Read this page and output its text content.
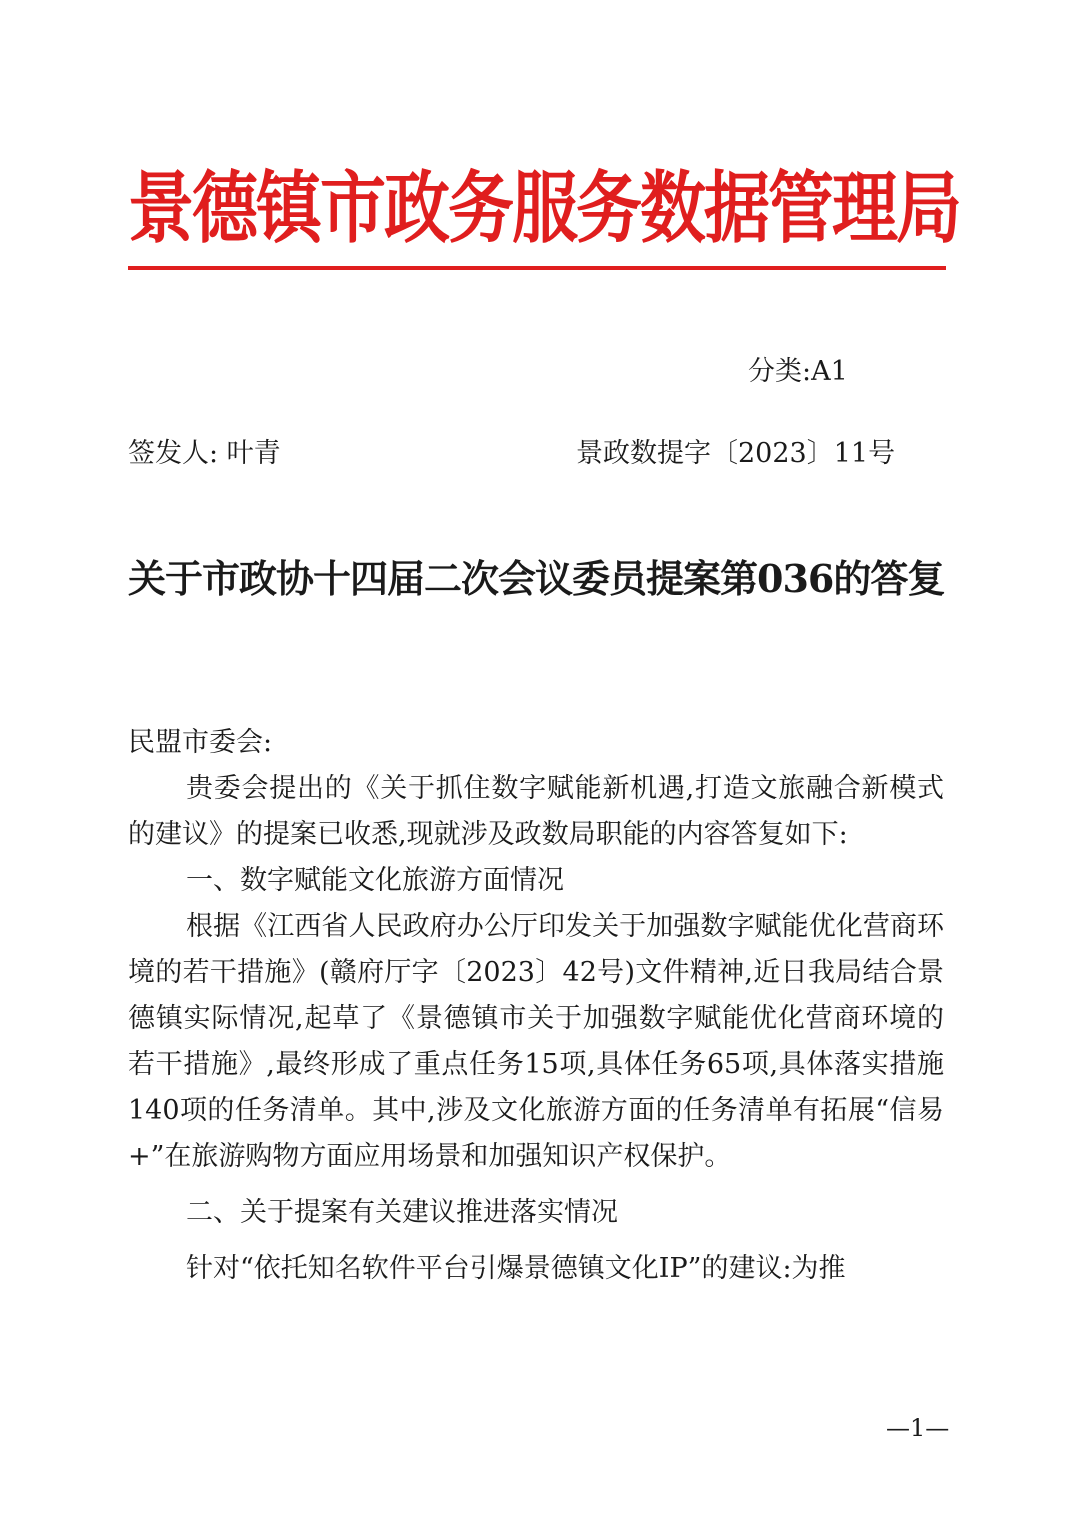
景德镇市政务服务数据管理局
分类:A1
签发人: 叶青	景政数提字〔2023〕11号
关于市政协十四届二次会议委员提案第036的答复

民盟市委会:

贵委会提出的《关于抓住数字赋能新机遇,打造文旅融合新模式的建议》的提案已收悉,现就涉及政数局职能的内容答复如下:

一、数字赋能文化旅游方面情况

根据《江西省人民政府办公厅印发关于加强数字赋能优化营商环境的若干措施》(赣府厅字〔2023〕42号)文件精神,近日我局结合景德镇实际情况,起草了《景德镇市关于加强数字赋能优化营商环境的若干措施》,最终形成了重点任务15项,具体任务65项,具体落实措施140项的任务清单。其中,涉及文化旅游方面的任务清单有拓展“信易+”在旅游购物方面应用场景和加强知识产权保护。

二、关于提案有关建议推进落实情况

针对“依托知名软件平台引爆景德镇文化IP”的建议:为推

—1—
